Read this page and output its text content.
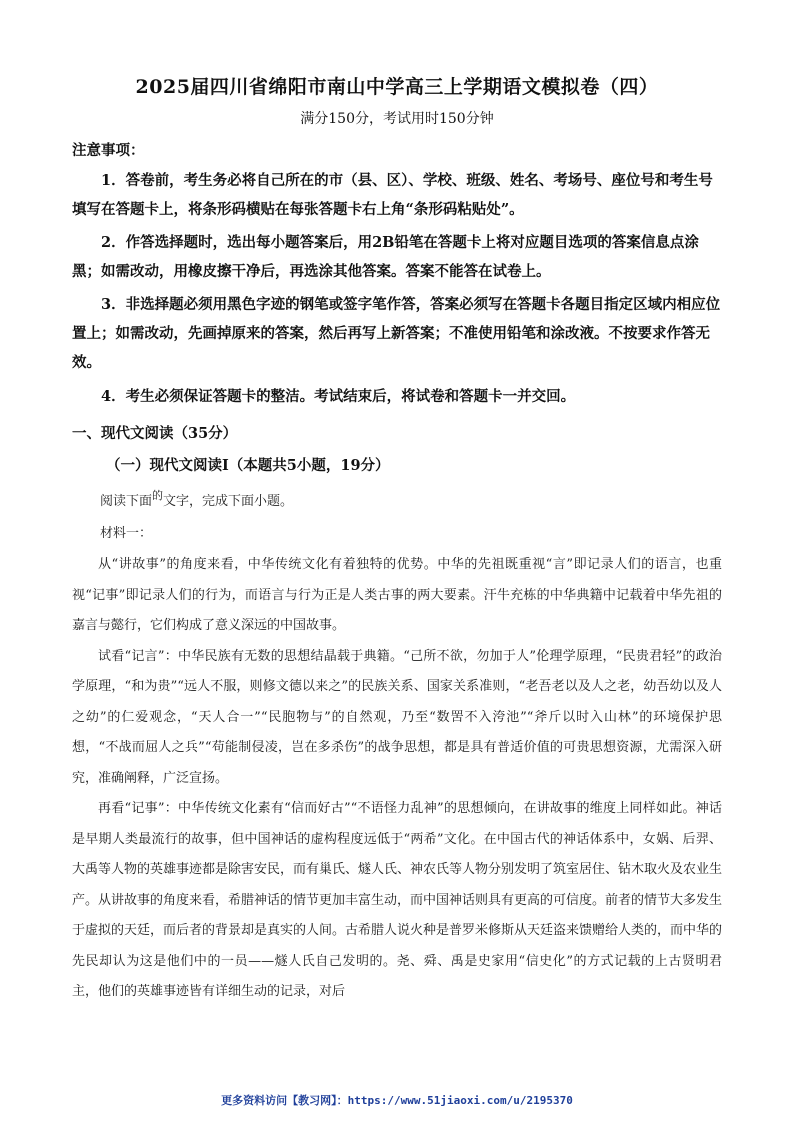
2025届四川省绵阳市南山中学高三上学期语文模拟卷（四）
满分150分，考试用时150分钟
注意事项：
1．答卷前，考生务必将自己所在的市（县、区）、学校、班级、姓名、考场号、座位号和考生号填写在答题卡上，将条形码横贴在每张答题卡右上角“条形码粘贴处”。
2．作答选择题时，选出每小题答案后，用2B铅笔在答题卡上将对应题目选项的答案信息点涂黑；如需改动，用橡皮擦干净后，再选涂其他答案。答案不能答在试卷上。
3．非选择题必须用黑色字迹的钢笔或签字笔作答，答案必须写在答题卡各题目指定区域内相应位置上；如需改动，先画掉原来的答案，然后再写上新答案；不准使用铅笔和涂改液。不按要求作答无效。
4．考生必须保证答题卡的整洁。考试结束后，将试卷和答题卡一并交回。
一、现代文阅读（35分）
（一）现代文阅读Ⅰ（本题共5小题，19分）
阅读下面$^的$文字，完成下面小题。
材料一：

从“讲故事”的角度来看，中华传统文化有着独特的优势。中华的先祖既重视“言”即记录人们的语言，也重视“记事”即记录人们的行为，而语言与行为正是人类古事的两大要素。汗牛充栋的中华典籍中记载着中华先祖的嘉言与懿行，它们构成了意义深远的中国故事。

试看“记言”：中华民族有无数的思想结晶载于典籍。“己所不欲，勿加于人”伦理学原理，“民贵君轻”的政治学原理，“和为贵”“远人不服，则修文德以来之”的民族关系、国家关系准则，“老吾老以及人之老，幼吾幼以及人之幼”的仁爱观念，“天人合一”“民胞物与”的自然观，乃至“数罟不入洿池”“斧斤以时入山林”的环境保护思想，“不战而屈人之兵”“苟能制侵凌，岂在多杀伤”的战争思想，都是具有普适价值的可贵思想资源，尤需深入研究，准确阐释，广泛宣扬。

再看“记事”：中华传统文化素有“信而好古”“不语怪力乱神”的思想倾向，在讲故事的维度上同样如此。神话是早期人类最流行的故事，但中国神话的虚构程度远低于“两希”文化。在中国古代的神话体系中，女娲、后羿、大禹等人物的英雄事迹都是除害安民，而有巢氏、燧人氏、神农氏等人物分别发明了筑室居住、钻木取火及农业生产。从讲故事的角度来看，希腊神话的情节更加丰富生动，而中国神话则具有更高的可信度。前者的情节大多发生于虚拟的天廷，而后者的背景却是真实的人间。古希腊人说火种是普罗米修斯从天廷盗来馈赠给人类的，而中华的先民却认为这是他们中的一员——燧人氏自己发明的。尧、舜、禹是史家用“信史化”的方式记载的上古贤明君主，他们的英雄事迹皆有详细生动的记录，对后

更多资料访问【教习网】：https://www.51jiaoxi.com/u/2195370
